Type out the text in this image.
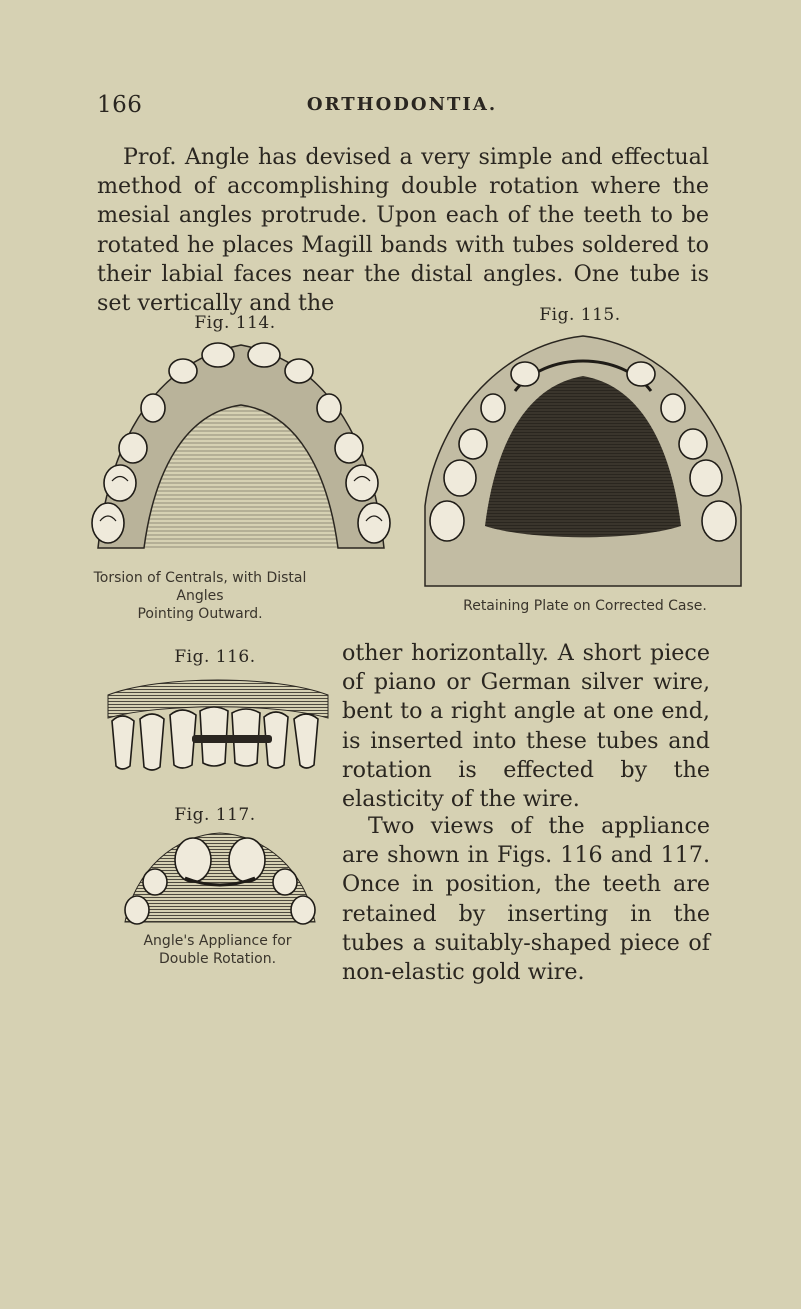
166	ORTHODONTIA.

Prof. Angle has devised a very simple and effectual method of accomplishing double rotation where the mesial angles protrude. Upon each of the teeth to be rotated he places Magill bands with tubes soldered to their labial faces near the distal angles. One tube is set vertically and the

Fig. 114.
Torsion of Centrals, with Distal Angles
Pointing Outward.
Fig. 115.
Retaining Plate on Corrected Case.
Fig. 116.
Fig. 117.
Angle's Appliance for
Double Rotation.

other horizontally. A short piece of piano or German silver wire, bent to a right angle at one end, is inserted into these tubes and rotation is effected by the elasticity of the wire.

Two views of the appliance are shown in Figs. 116 and 117. Once in position, the teeth are retained by inserting in the tubes a suitably-shaped piece of non-elastic gold wire.
